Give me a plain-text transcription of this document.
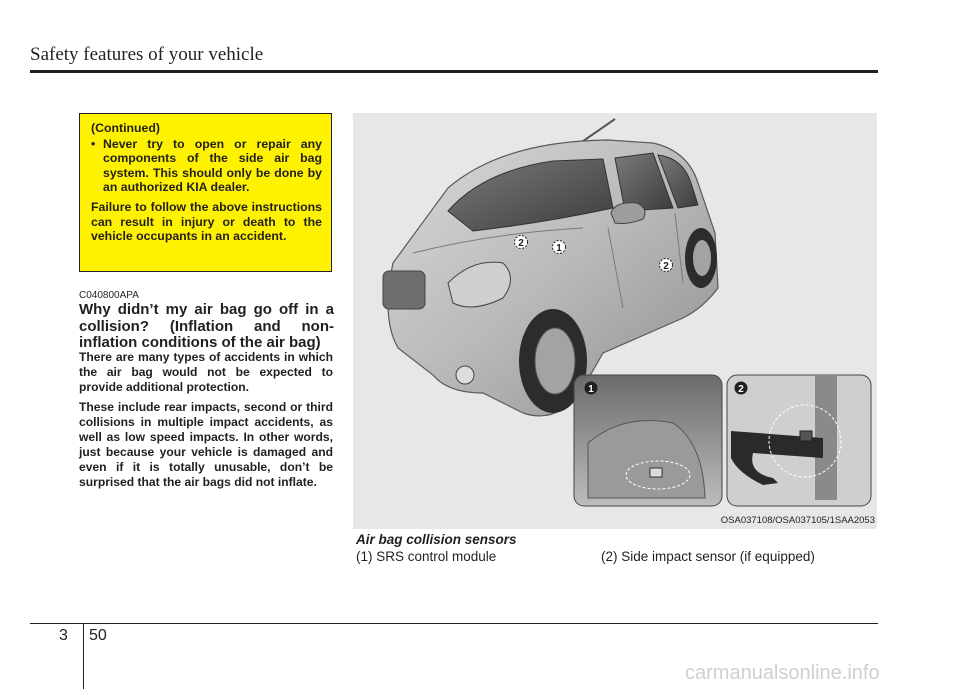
Safety features of your vehicle

(Continued)

• Never try to open or repair any components of the side air bag system. This should only be done by an authorized KIA dealer.

Failure to follow the above instructions can result in injury or death to the vehicle occupants in an accident.

C040800APA
Why didn’t my air bag go off in a collision? (Inflation and non-inflation conditions of the air bag)
There are many types of accidents in which the air bag would not be expected to provide additional protection.
These include rear impacts, second or third collisions in multiple impact accidents, as well as low speed impacts. In other words, just because your vehicle is damaged and even if it is totally unusable, don’t be surprised that the air bags did not inflate.
2	1
2
1	2
OSA037108/OSA037105/1SAA2053
Air bag collision sensors
(1) SRS control module	(2) Side impact sensor (if equipped)
3 50
carmanualsonline.info
